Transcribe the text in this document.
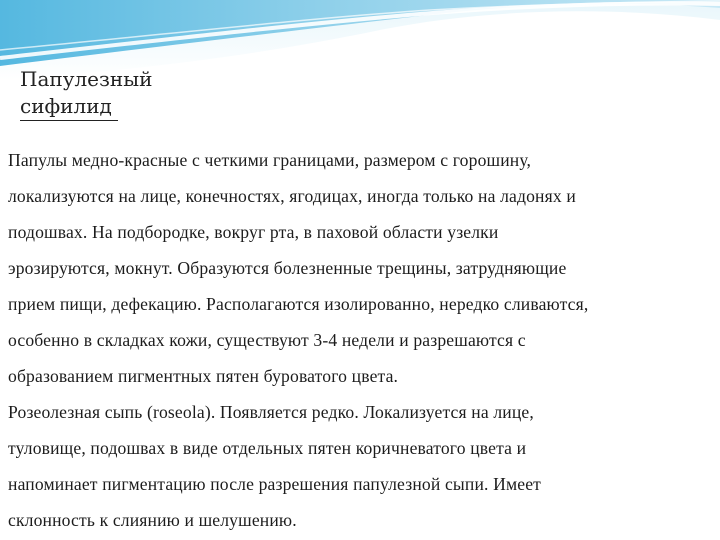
Папулезный
сифилид
Папулы медно-красные с четкими границами, размером с горошину,
локализуются на лице, конечностях, ягодицах, иногда только на ладонях и
подошвах. На подбородке, вокруг рта, в паховой области узелки
эрозируются, мокнут. Образуются болезненные трещины, затрудняющие
прием пищи, дефекацию. Располагаются изолированно, нередко сливаются,
особенно в складках кожи, существуют 3-4 недели и разрешаются с
образованием пигментных пятен буроватого цвета.
Розеолезная сыпь (roseola). Появляется редко. Локализуется на лице,
туловище, подошвах в виде отдельных пятен коричневатого цвета и
напоминает пигментацию после разрешения папулезной сыпи. Имеет
склонность к слиянию и шелушению.
